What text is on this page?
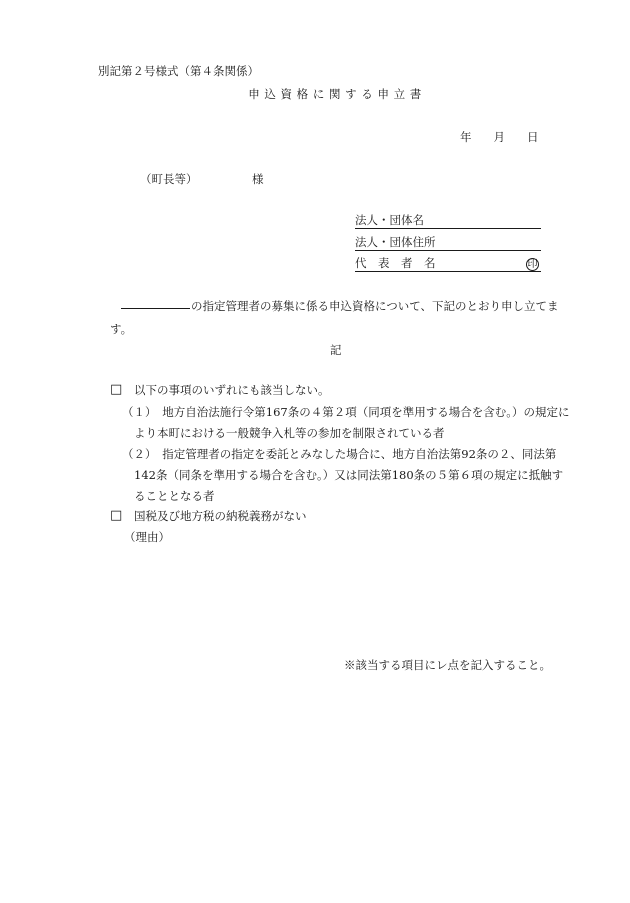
別記第２号様式（第４条関係）
申 込 資 格 に 関 す る 申 立 書
年 月 日
（町長等）	様
法人・団体名
法人・団体住所
代　表　者　名	印
の指定管理者の募集に係る申込資格について、下記のとおり申し立てま
す。
記
□ 以下の事項のいずれにも該当しない。
（１）　地方自治法施行令第167条の４第２項（同項を準用する場合を含む。）の規定に
より本町における一般競争入札等の参加を制限されている者
（２）　指定管理者の指定を委託とみなした場合に、地方自治法第92条の２、同法第
142条（同条を準用する場合を含む。）又は同法第180条の５第６項の規定に抵触す
ることとなる者
□ 国税及び地方税の納税義務がない
（理由）
※該当する項目にレ点を記入すること。
